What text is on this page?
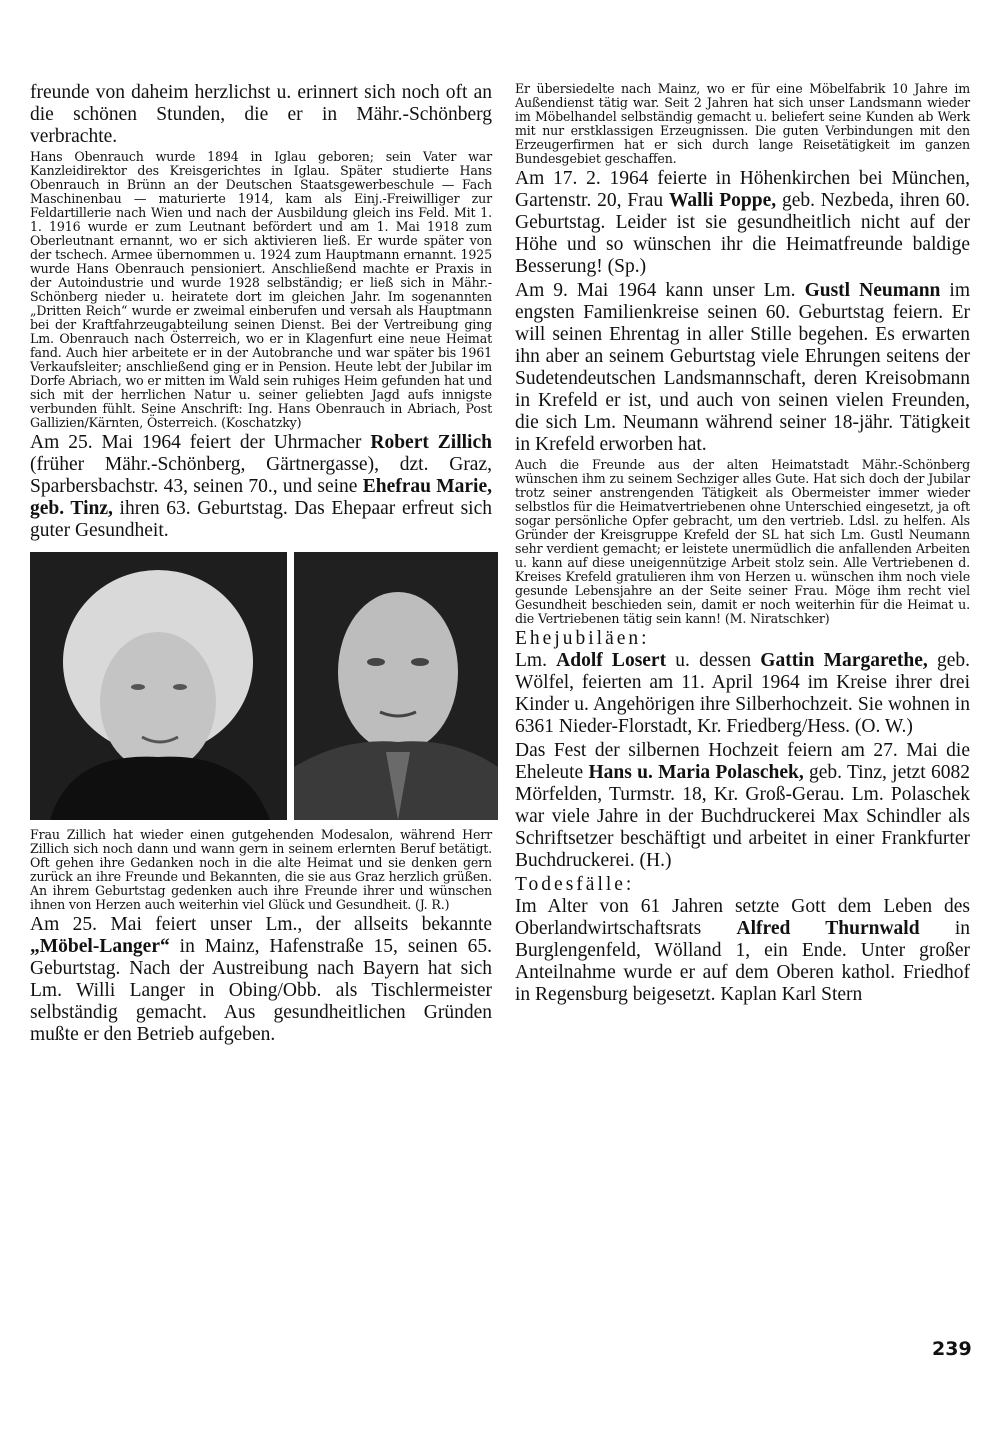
freunde von daheim herzlichst u. erinnert sich noch oft an die schönen Stunden, die er in Mähr.-Schönberg verbrachte.

Hans Obenrauch wurde 1894 in Iglau geboren; sein Vater war Kanzleidirektor des Kreisgerichtes in Iglau. Später studierte Hans Obenrauch in Brünn an der Deutschen Staatsgewerbeschule — Fach Maschinenbau — maturierte 1914, kam als Einj.-Freiwilliger zur Feldartillerie nach Wien und nach der Ausbildung gleich ins Feld. Mit 1. 1. 1916 wurde er zum Leutnant befördert und am 1. Mai 1918 zum Oberleutnant ernannt, wo er sich aktivieren ließ. Er wurde später von der tschech. Armee übernommen u. 1924 zum Hauptmann ernannt. 1925 wurde Hans Obenrauch pensioniert. Anschließend machte er Praxis in der Autoindustrie und wurde 1928 selbständig; er ließ sich in Mähr.-Schönberg nieder u. heiratete dort im gleichen Jahr. Im sogenannten „Dritten Reich“ wurde er zweimal einberufen und versah als Hauptmann bei der Kraftfahrzeugabteilung seinen Dienst. Bei der Vertreibung ging Lm. Obenrauch nach Österreich, wo er in Klagenfurt eine neue Heimat fand. Auch hier arbeitete er in der Autobranche und war später bis 1961 Verkaufsleiter; anschließend ging er in Pension. Heute lebt der Jubilar im Dorfe Abriach, wo er mitten im Wald sein ruhiges Heim gefunden hat und sich mit der herrlichen Natur u. seiner geliebten Jagd aufs innigste verbunden fühlt. Seine Anschrift: Ing. Hans Obenrauch in Abriach, Post Gallizien/Kärnten, Österreich. (Koschatzky)

Am 25. Mai 1964 feiert der Uhrmacher Robert Zillich (früher Mähr.-Schönberg, Gärtnergasse), dzt. Graz, Sparbersbachstr. 43, seinen 70., und seine Ehefrau Marie, geb. Tinz, ihren 63. Geburtstag. Das Ehepaar erfreut sich guter Gesundheit.

Frau Zillich hat wieder einen gutgehenden Modesalon, während Herr Zillich sich noch dann und wann gern in seinem erlernten Beruf betätigt. Oft gehen ihre Gedanken noch in die alte Heimat und sie denken gern zurück an ihre Freunde und Bekannten, die sie aus Graz herzlich grüßen. An ihrem Geburtstag gedenken auch ihre Freunde ihrer und wünschen ihnen von Herzen auch weiterhin viel Glück und Gesundheit. (J. R.)

Am 25. Mai feiert unser Lm., der allseits bekannte „Möbel-Langer“ in Mainz, Hafenstraße 15, seinen 65. Geburtstag. Nach der Austreibung nach Bayern hat sich Lm. Willi Langer in Obing/Obb. als Tischlermeister selbständig gemacht. Aus gesundheitlichen Gründen mußte er den Betrieb aufgeben.

Er übersiedelte nach Mainz, wo er für eine Möbelfabrik 10 Jahre im Außendienst tätig war. Seit 2 Jahren hat sich unser Landsmann wieder im Möbelhandel selbständig gemacht u. beliefert seine Kunden ab Werk mit nur erstklassigen Erzeugnissen. Die guten Verbindungen mit den Erzeugerfirmen hat er sich durch lange Reisetätigkeit im ganzen Bundesgebiet geschaffen.

Am 17. 2. 1964 feierte in Höhenkirchen bei München, Gartenstr. 20, Frau Walli Poppe, geb. Nezbeda, ihren 60. Geburtstag. Leider ist sie gesundheitlich nicht auf der Höhe und so wünschen ihr die Heimatfreunde baldige Besserung! (Sp.)

Am 9. Mai 1964 kann unser Lm. Gustl Neumann im engsten Familienkreise seinen 60. Geburtstag feiern. Er will seinen Ehrentag in aller Stille begehen. Es erwarten ihn aber an seinem Geburtstag viele Ehrungen seitens der Sudetendeutschen Landsmannschaft, deren Kreisobmann in Krefeld er ist, und auch von seinen vielen Freunden, die sich Lm. Neumann während seiner 18-jähr. Tätigkeit in Krefeld erworben hat.

Auch die Freunde aus der alten Heimatstadt Mähr.-Schönberg wünschen ihm zu seinem Sechziger alles Gute. Hat sich doch der Jubilar trotz seiner anstrengenden Tätigkeit als Obermeister immer wieder selbstlos für die Heimatvertriebenen ohne Unterschied eingesetzt, ja oft sogar persönliche Opfer gebracht, um den vertrieb. Ldsl. zu helfen. Als Gründer der Kreisgruppe Krefeld der SL hat sich Lm. Gustl Neumann sehr verdient gemacht; er leistete unermüdlich die anfallenden Arbeiten u. kann auf diese uneigennützige Arbeit stolz sein. Alle Vertriebenen d. Kreises Krefeld gratulieren ihm von Herzen u. wünschen ihm noch viele gesunde Lebensjahre an der Seite seiner Frau. Möge ihm recht viel Gesundheit beschieden sein, damit er noch weiterhin für die Heimat u. die Vertriebenen tätig sein kann! (M. Niratschker)

Ehejubiläen:

Lm. Adolf Losert u. dessen Gattin Margarethe, geb. Wölfel, feierten am 11. April 1964 im Kreise ihrer drei Kinder u. Angehörigen ihre Silberhochzeit. Sie wohnen in 6361 Nieder-Florstadt, Kr. Friedberg/Hess. (O. W.)

Das Fest der silbernen Hochzeit feiern am 27. Mai die Eheleute Hans u. Maria Polaschek, geb. Tinz, jetzt 6082 Mörfelden, Turmstr. 18, Kr. Groß-Gerau. Lm. Polaschek war viele Jahre in der Buchdruckerei Max Schindler als Schriftsetzer beschäftigt und arbeitet in einer Frankfurter Buchdruckerei. (H.)

Todesfälle:

Im Alter von 61 Jahren setzte Gott dem Leben des Oberlandwirtschaftsrats Alfred Thurnwald in Burglengenfeld, Wölland 1, ein Ende. Unter großer Anteilnahme wurde er auf dem Oberen kathol. Friedhof in Regensburg beigesetzt. Kaplan Karl Stern

239
